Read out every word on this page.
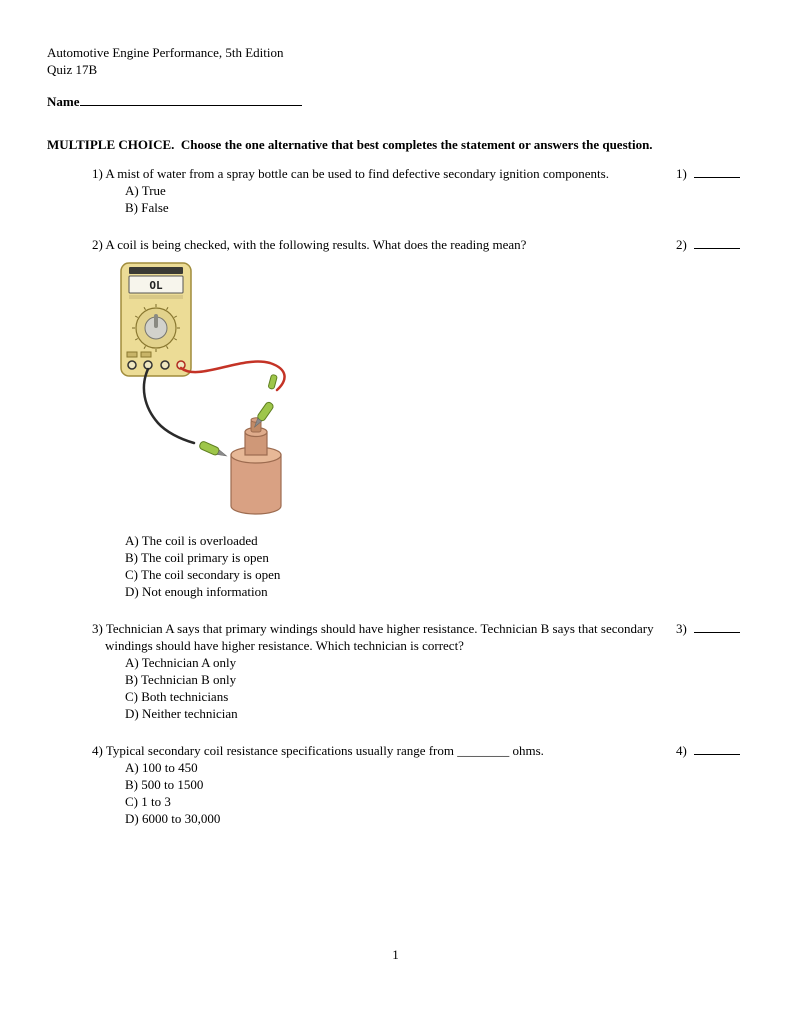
Automotive Engine Performance, 5th Edition
Quiz 17B
Name
MULTIPLE CHOICE.  Choose the one alternative that best completes the statement or answers the question.

1) A mist of water from a spray bottle can be used to find defective secondary ignition components.	1)
A) True
B) False

2) A coil is being checked, with the following results. What does the reading mean?	2)
OL
A) The coil is overloaded
B) The coil primary is open
C) The coil secondary is open
D) Not enough information

3) Technician A says that primary windings should have higher resistance. Technician B says that secondary windings should have higher resistance. Which technician is correct?

3)
A) Technician A only
B) Technician B only
C) Both technicians
D) Neither technician

4) Typical secondary coil resistance specifications usually range from ________ ohms.	4)
A) 100 to 450
B) 500 to 1500
C) 1 to 3
D) 6000 to 30,000
1
